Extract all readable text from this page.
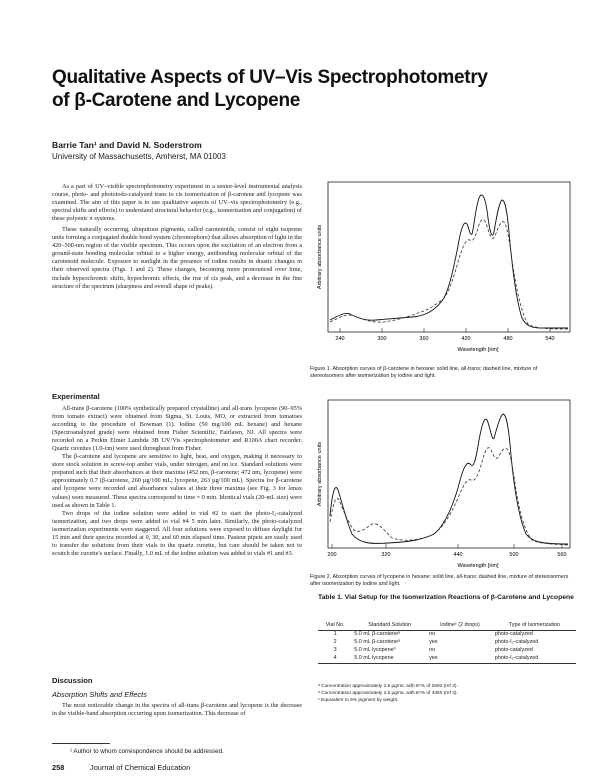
Qualitative Aspects of UV–Vis Spectrophotometry
of β-Carotene and Lycopene
Barrie Tan¹ and David N. Soderstrom
University of Massachusetts, Amherst, MA 01003

As a part of UV–visible spectrophotometry experiment in a senior-level instrumental analysis course, photo- and photoiodo-catalyzed trans to cis isomerization of β-carotene and lycopene was examined. The aim of this paper is to use qualitative aspects of UV–vis spectrophotometry (e.g., spectral shifts and effects) to understand structural behavior (e.g., isomerization and conjugation) of these polyenic π systems.

These naturally occurring, ubiquitous pigments, called carotenoids, consist of eight isoprene units forming a conjugated double bond system (chromophore) that allows absorption of light in the 420–500-nm region of the visible spectrum. This occurs upon the excitation of an electron from a ground-state bonding molecular orbital to a higher energy, antibonding molecular orbital of the carotenoid molecule. Exposure to sunlight in the presence of iodine results in drastic changes in their observed spectra (Figs. 1 and 2). These changes, becoming more pronounced over time, include hypsochromic shifts, hypochromic effects, the rise of cis peak, and a decrease in the fine structure of the spectrum (sharpness and overall shape of peaks).

Experimental

All-trans β-carotene (100% synthetically prepared crystalline) and all-trans lycopene (90–95% from tomato extract) were obtained from Sigma, St. Louis, MO, or extracted from tomatoes according to the procedure of Bowman (1). Iodine (50 mg/100 mL hexane) and hexane (Spectroanalyzed grade) were obtained from Fisher Scientific, Fairlawn, NJ. All spectra were recorded on a Perkin Elmer Lambda 3B UV/Vis spectrophotometer and R100A chart recorder. Quartz cuvettes (1.0-cm) were used throughout from Fisher.

The β-carotene and lycopene are sensitive to light, heat, and oxygen, making it necessary to store stock solution in screw-top amber vials, under nitrogen, and on ice. Standard solutions were prepared such that their absorbances at their maxima (452 nm, β-carotene; 472 nm, lycopene) were approximately 0.7 (β-carotene, 260 µg/100 mL; lycopene, 263 µg/100 mL). Spectra for β-carotene and lycopene were recorded and absorbance values at their three maxima (see Fig. 3 for λmax values) were measured. These spectra correspond to time = 0 min. Identical vials (20-mL size) were used as shown in Table 1.

Two drops of the iodine solution were added to vial #2 to start the photo-I₂-catalyzed isomerization, and two drops were added to vial #4 5 min later. Similarly, the photo-catalyzed isomerization experiments were staggered. All four solutions were exposed to diffuse daylight for 15 min and their spectra recorded at 0, 30, and 60 min elapsed time. Pasteur pipets are easily used to transfer the solutions from their vials to the quartz cuvette, but care should be taken not to scratch the cuvette's surface. Finally, 1.0 mL of the iodine solution was added to vials #1 and #3.

Discussion
Absorption Shifts and Effects

The most noticeable change in the spectra of all-trans β-carotene and lycopene is the decrease in the visible-band absorption occurring upon isomerization. This decrease of

Arbitrary absorbance units
240	300	360	420	480	540
Wavelength [nm]
Figure 1. Absorption curves of β-carotene in hexane: solid line, all-trans; dashed line, mixture of stereoisomers after isomerization by iodine and light.
Arbitrary absorbance units
200	320	440	500	560
Wavelength [nm]
Figure 2. Absorption curves of lycopene in hexane: solid line, all-trans; dashed line, mixture of stereoisomers after isomerization by iodine and light.
Table 1. Vial Setup for the Isomerization Reactions of β-Carotene and Lycopene
Vial No.	Standard Solution	Iodineᶜ (2 drops)	Type of Isomerization
1	5.0 mL β-caroteneᵃ	no	photo-catalyzed
2	5.0 mL β-caroteneᵃ	yes	photo-I₂-catalyzed
3	5.0 mL lycopeneᵇ	no	photo-catalyzed
4	5.0 mL lycopene	yes	photo-I₂-catalyzed
ᵃ Concentration approximately 2.5 µg/mL with E¹% of 2592 (ref 3).
ᵇ Concentration approximately 2.5 µg/mL with E¹% of 3450 (ref 3).
ᶜ Equivalent to 5% pigment by weight.
¹ Author to whom correspondence should be addressed.
258	Journal of Chemical Education
